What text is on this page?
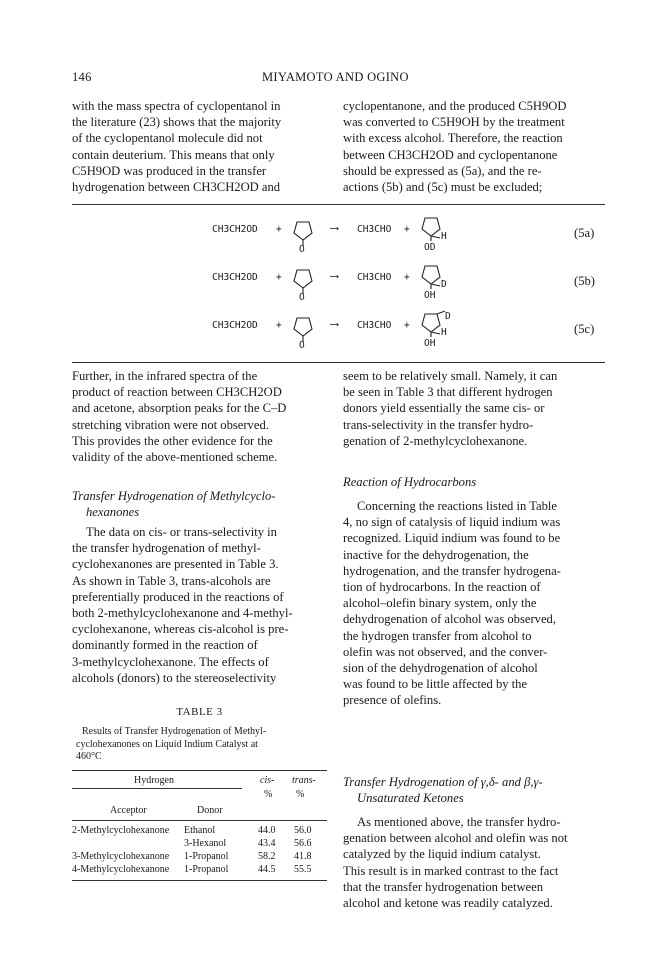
146	MIYAMOTO AND OGINO

with the mass spectra of cyclopentanol in

the literature (23) shows that the majority

of the cyclopentanol molecule did not

contain deuterium. This means that only

C5H9OD was produced in the transfer

hydrogenation between CH3CH2OD and

cyclopentanone, and the produced C5H9OD

was converted to C5H9OH by the treatment

with excess alcohol. Therefore, the reaction

between CH3CH2OD and cyclopentanone

should be expressed as (5a), and the re-

actions (5b) and (5c) must be excluded;

CH3CH2OD +
O
→ CH3CHO +
H
OD
(5a)
CH3CH2OD +
O
→ CH3CHO +
D
OH
(5b)
CH3CH2OD +
O
→ CH3CHO +
D
H
OH
(5c)

Further, in the infrared spectra of the

product of reaction between CH3CH2OD

and acetone, absorption peaks for the C–D

stretching vibration were not observed.

This provides the other evidence for the

validity of the above-mentioned scheme.

Transfer Hydrogenation of Methylcyclo-
hexanones

The data on cis- or trans-selectivity in

the transfer hydrogenation of methyl-

cyclohexanones are presented in Table 3.

As shown in Table 3, trans-alcohols are

preferentially produced in the reactions of

both 2-methylcyclohexanone and 4-methyl-

cyclohexanone, whereas cis-alcohol is pre-

dominantly formed in the reaction of

3-methylcyclohexanone. The effects of

alcohols (donors) to the stereoselectivity

TABLE 3
Results of Transfer Hydrogenation of Methyl-
cyclohexanones on Liquid Indium Catalyst at
460°C
Hydrogen	cis- trans-
% %
Acceptor	Donor
2-Methylcyclohexanone Ethanol	44.0 56.0
3-Hexanol	43.4 56.6
3-Methylcyclohexanone 1-Propanol	58.2 41.8
4-Methylcyclohexanone 1-Propanol	44.5 55.5

seem to be relatively small. Namely, it can

be seen in Table 3 that different hydrogen

donors yield essentially the same cis- or

trans-selectivity in the transfer hydro-

genation of 2-methylcyclohexanone.

Reaction of Hydrocarbons

Concerning the reactions listed in Table

4, no sign of catalysis of liquid indium was

recognized. Liquid indium was found to be

inactive for the dehydrogenation, the

hydrogenation, and the transfer hydrogena-

tion of hydrocarbons. In the reaction of

alcohol–olefin binary system, only the

dehydrogenation of alcohol was observed,

the hydrogen transfer from alcohol to

olefin was not observed, and the conver-

sion of the dehydrogenation of alcohol

was found to be little affected by the

presence of olefins.

Transfer Hydrogenation of γ,δ- and β,γ-
Unsaturated Ketones

As mentioned above, the transfer hydro-

genation between alcohol and olefin was not

catalyzed by the liquid indium catalyst.

This result is in marked contrast to the fact

that the transfer hydrogenation between

alcohol and ketone was readily catalyzed.
